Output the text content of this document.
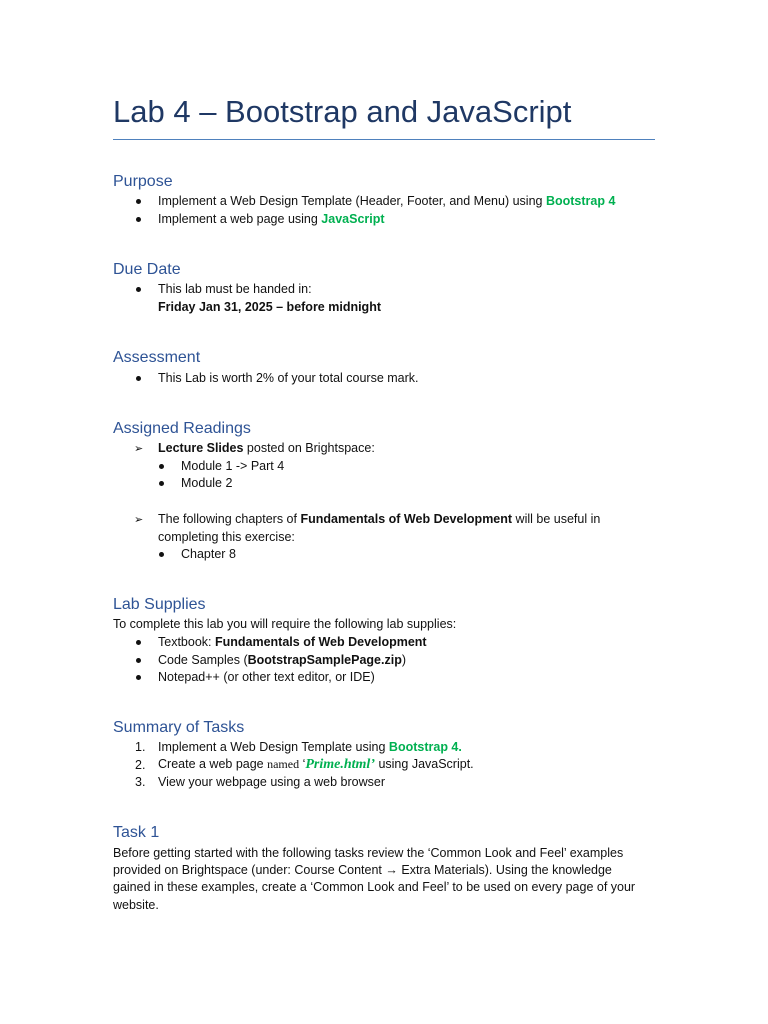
Lab 4 – Bootstrap and JavaScript
Purpose
Implement a Web Design Template (Header, Footer, and Menu) using Bootstrap 4
Implement a web page using JavaScript
Due Date
This lab must be handed in:
Friday Jan 31, 2025 – before midnight
Assessment
This Lab is worth 2% of your total course mark.
Assigned Readings
➢ Lecture Slides posted on Brightspace:
Module 1 -> Part 4
Module 2
➢ The following chapters of Fundamentals of Web Development will be useful in
completing this exercise:
Chapter 8
Lab Supplies
To complete this lab you will require the following lab supplies:
Textbook: Fundamentals of Web Development
Code Samples (BootstrapSamplePage.zip)
Notepad++ (or other text editor, or IDE)
Summary of Tasks
1. Implement a Web Design Template using Bootstrap 4.
2. Create a web page named ‘Prime.html’ using JavaScript.
3. View your webpage using a web browser
Task 1
Before getting started with the following tasks review the ‘Common Look and Feel’ examples
provided on Brightspace (under: Course Content → Extra Materials). Using the knowledge
gained in these examples, create a ‘Common Look and Feel’ to be used on every page of your
website.
